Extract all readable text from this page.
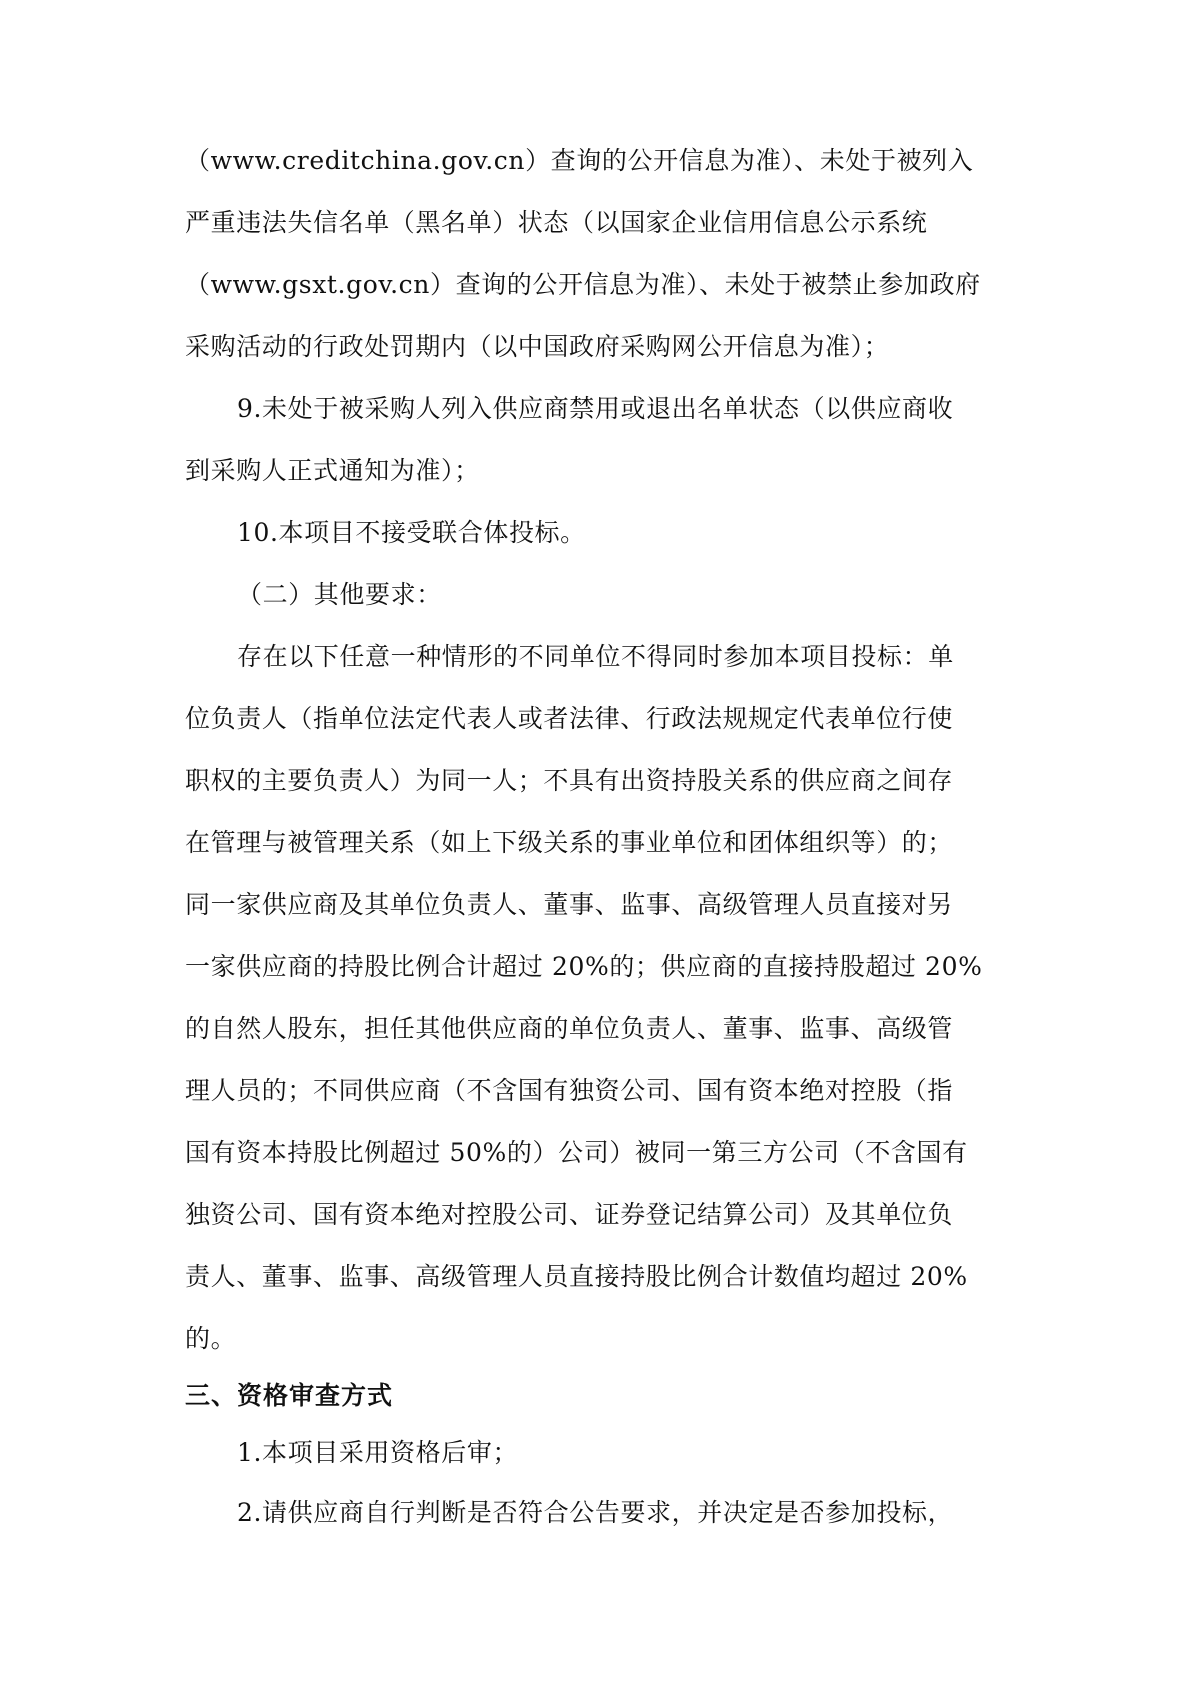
（www.creditchina.gov.cn）查询的公开信息为准）、未处于被列入
严重违法失信名单（黑名单）状态（以国家企业信用信息公示系统
（www.gsxt.gov.cn）查询的公开信息为准）、未处于被禁止参加政府
采购活动的行政处罚期内（以中国政府采购网公开信息为准）；
9.未处于被采购人列入供应商禁用或退出名单状态（以供应商收
到采购人正式通知为准）；
10.本项目不接受联合体投标。
（二）其他要求：
存在以下任意一种情形的不同单位不得同时参加本项目投标：单
位负责人（指单位法定代表人或者法律、行政法规规定代表单位行使
职权的主要负责人）为同一人；不具有出资持股关系的供应商之间存
在管理与被管理关系（如上下级关系的事业单位和团体组织等）的；
同一家供应商及其单位负责人、董事、监事、高级管理人员直接对另
一家供应商的持股比例合计超过 20%的；供应商的直接持股超过 20%
的自然人股东，担任其他供应商的单位负责人、董事、监事、高级管
理人员的；不同供应商（不含国有独资公司、国有资本绝对控股（指
国有资本持股比例超过 50%的）公司）被同一第三方公司（不含国有
独资公司、国有资本绝对控股公司、证券登记结算公司）及其单位负
责人、董事、监事、高级管理人员直接持股比例合计数值均超过 20%
的。
三、资格审查方式
1.本项目采用资格后审；
2.请供应商自行判断是否符合公告要求，并决定是否参加投标，
